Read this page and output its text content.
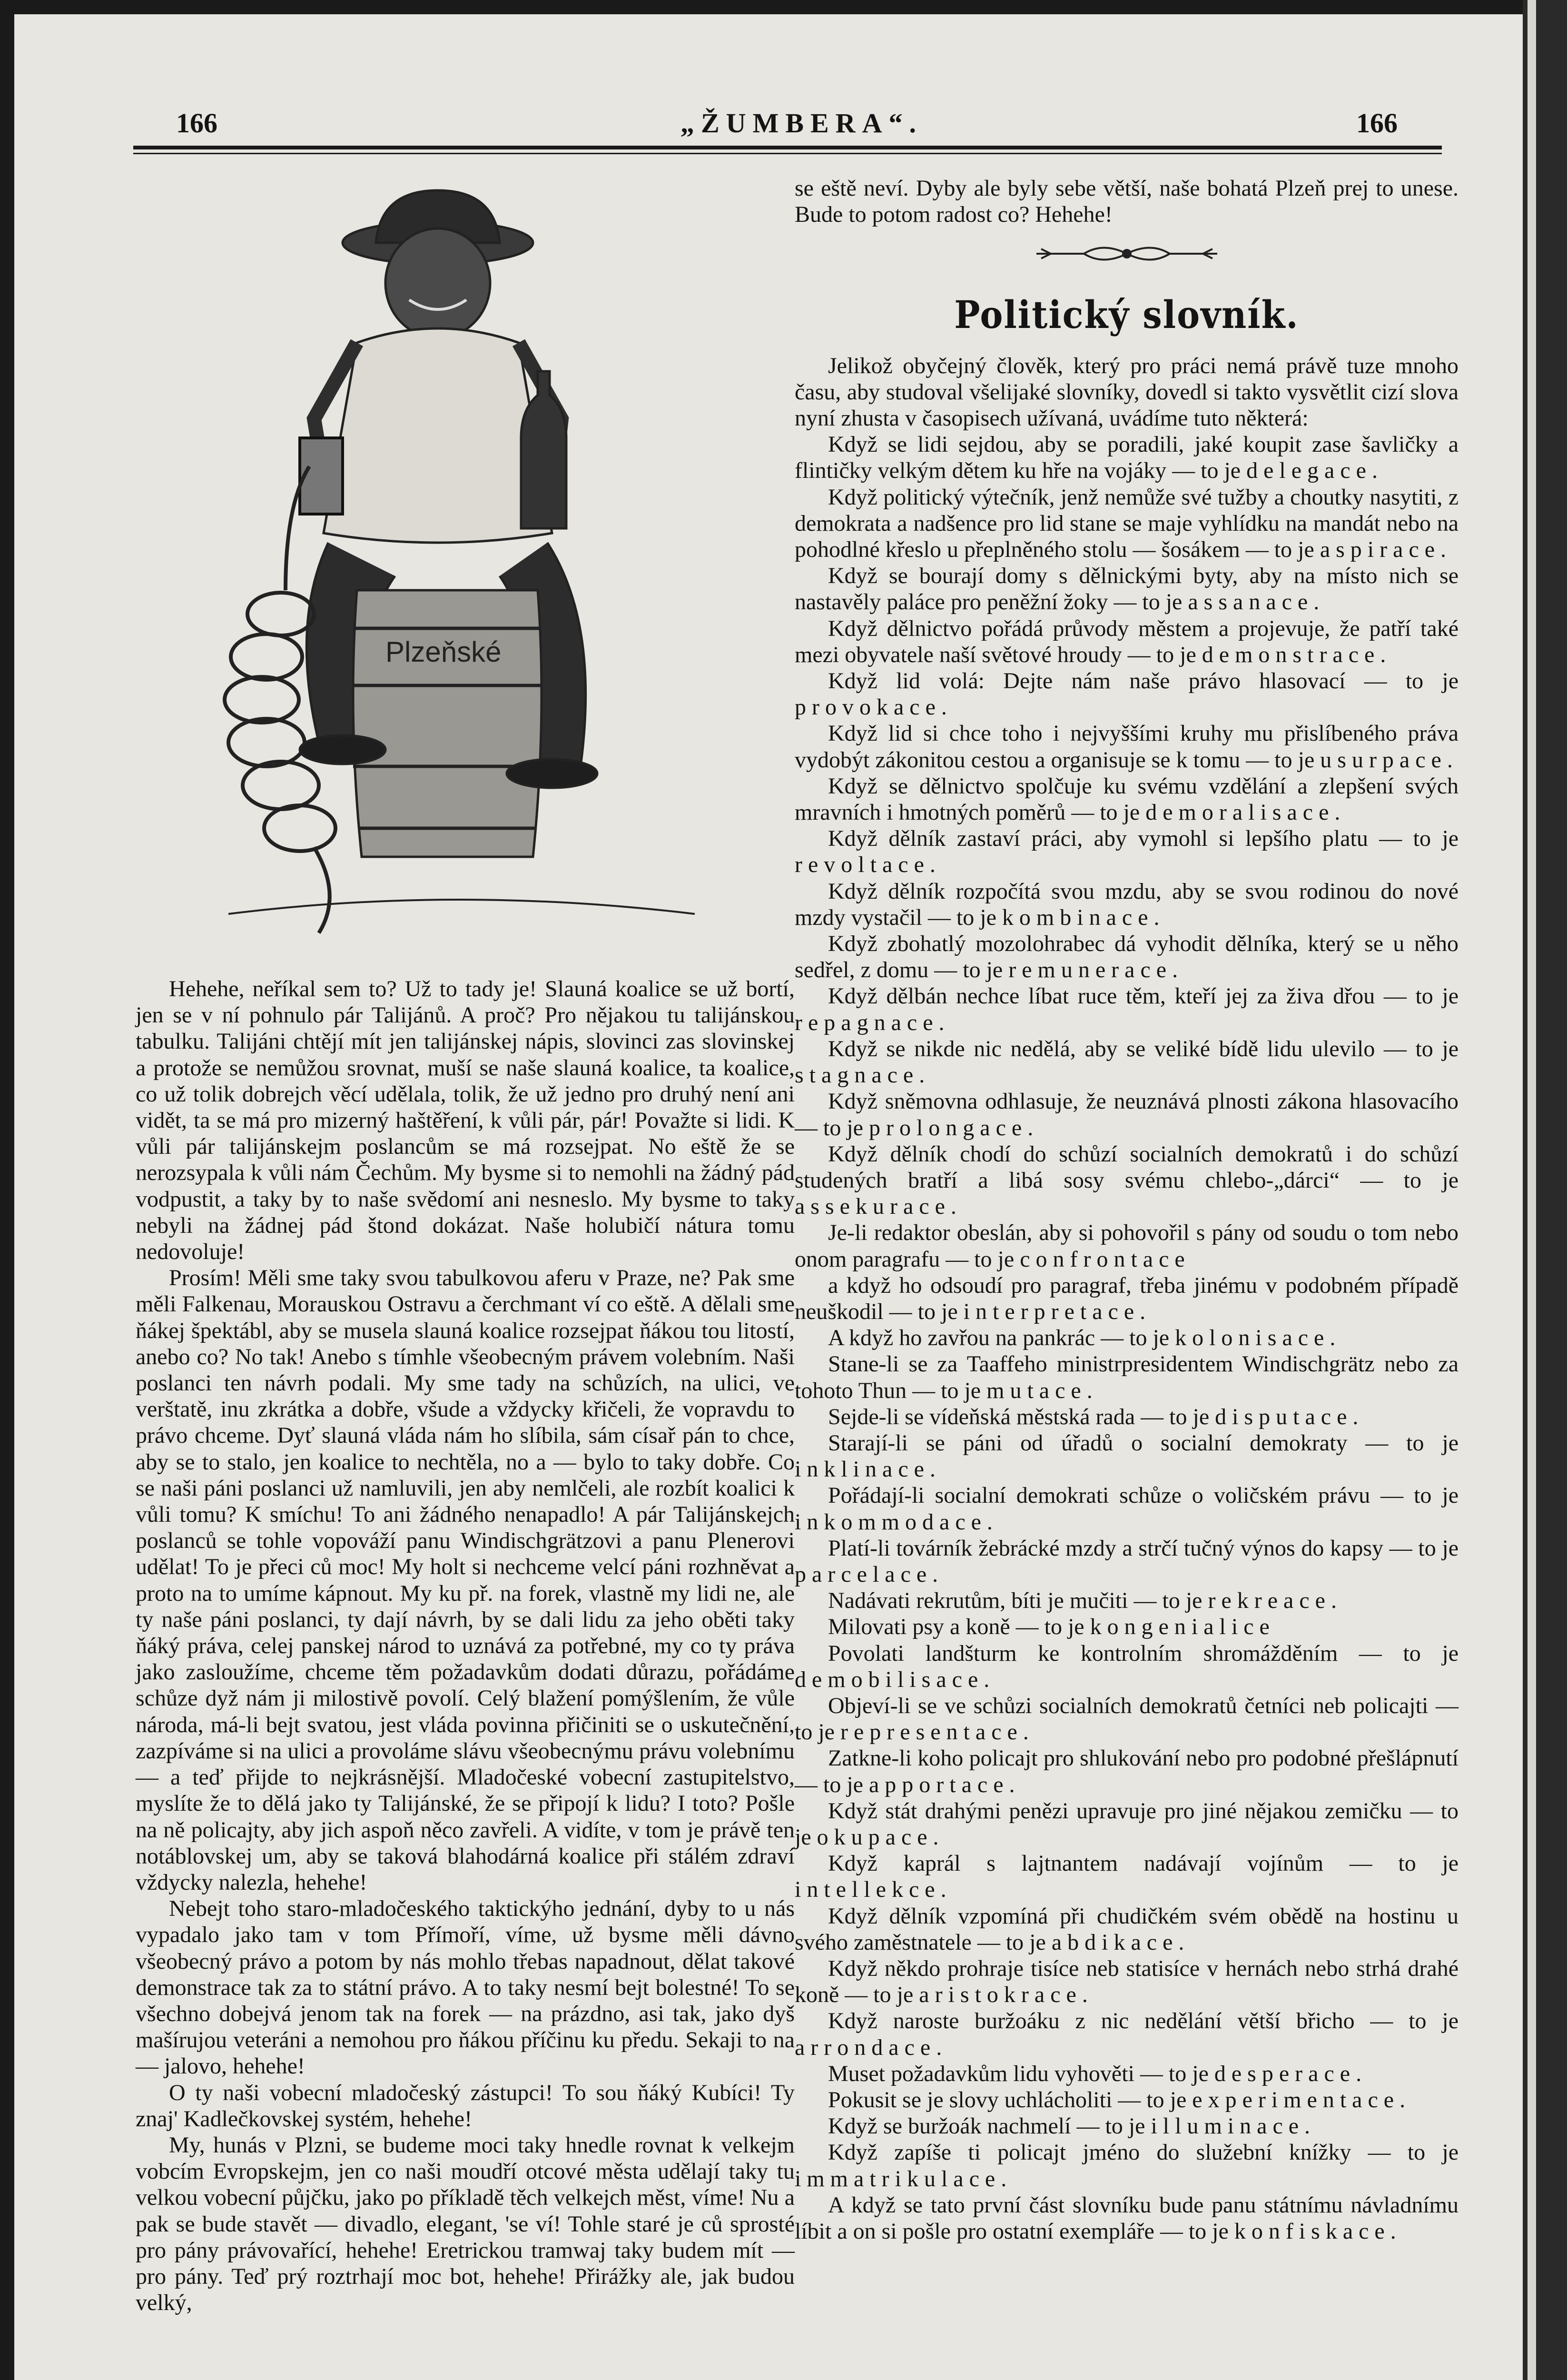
166	„ŽUMBERA“.	166
Plzeňské

Hehehe, neříkal sem to? Už to tady je! Slauná koalice se už bortí, jen se v ní pohnulo pár Taliјánů. A proč? Pro nějakou tu talijánskou tabulku. Talijáni chtějí mít jen talijánskej nápis, slovinci zas slovinskej a protože se nemůžou srovnat, muší se naše slauná koalice, ta koalice, co už tolik dobrejch věcí udělala, tolik, že už jedno pro druhý není ani vidět, ta se má pro mizerný haštěření, k vůli pár, pár! Považte si lidi. K vůli pár talijánskejm poslancům se má rozsejpat. No eště že se nerozsypala k vůli nám Čechům. My bysme si to nemohli na žádný pád vodpustit, a taky by to naše svědomí ani nesneslo. My bysme to taky nebyli na žádnej pád štond dokázat. Naše holubičí nátura tomu nedovoluje!

Prosím! Měli sme taky svou tabulkovou aferu v Praze, ne? Pak sme měli Falkenau, Morauskou Ostravu a čerchmant ví co eště. A dělali sme ňákej špektábl, aby se musela slauná koalice rozsejpat ňákou tou litostí, anebo co? No tak! Anebo s tímhle všeobecným právem volebním. Naši poslanci ten návrh podali. My sme tady na schůzích, na ulici, ve verštatě, inu zkrátka a dobře, všude a vždycky křičeli, že vopravdu to právo chceme. Dyť slauná vláda nám ho slíbila, sám císař pán to chce, aby se to stalo, jen koalice to nechtěla, no a — bylo to taky dobře. Co se naši páni poslanci už namluvili, jen aby nemlčeli, ale rozbít koalici k vůli tomu? K smíchu! To ani žádného nenapadlo! A pár Talijánskejch poslanců se tohle vopováží panu Windischgrätzovi a panu Plenerovi udělat! To je přeci ců moc! My holt si nechceme velcí páni rozhněvat a proto na to umíme kápnout. My ku př. na forek, vlastně my lidi ne, ale ty naše páni poslanci, ty dají návrh, by se dali lidu za jeho oběti taky ňáký práva, celej panskej národ to uznává za potřebné, my co ty práva jako zasloužíme, chceme těm požadavkům dodati důrazu, pořádáme schůze dyž nám ji milostivě povolí. Celý blažení pomýšlením, že vůle národa, má-li bejt svatou, jest vláda povinna přičiniti se o uskutečnění, zazpíváme si na ulici a provoláme slávu všeobecnýmu právu volebnímu — a teď přijde to nejkrásnější. Mladočeské vobecní zastupitelstvo, myslíte že to dělá jako ty Talijánské, že se připojí k lidu? I toto? Pošle na ně policajty, aby jich aspoň něco zavřeli. A vidíte, v tom je právě ten notáblovskej um, aby se taková blahodárná koalice při stálém zdraví vždycky nalezla, hehehe!

Nebejt toho staro-mladočeského taktickýho jednání, dyby to u nás vypadalo jako tam v tom Přímoří, víme, už bysme měli dávno všeobecný právo a potom by nás mohlo třebas napadnout, dělat takové demonstrace tak za to státní právo. A to taky nesmí bejt bolestné! To se všechno dobejvá jenom tak na forek — na prázdno, asi tak, jako dyš mašírujou veteráni a nemohou pro ňákou příčinu ku předu. Sekaji to na — jalovo, hehehe!

O ty naši vobecní mladočeský zástupci! To sou ňáký Kubíci! Ty znaj' Kadlečkovskej systém, hehehe!

My, hunás v Plzni, se budeme moci taky hnedle rovnat k velkejm vobcím Evropskejm, jen co naši moudří otcové města udělají taky tu velkou vobecní půjčku, jako po příkladě těch velkejch měst, víme! Nu a pak se bude stavět — divadlo, elegant, 'se ví! Tohle staré je ců sprosté pro pány právovařící, hehehe! Eretrickou tramwaj taky budem mít — pro pány. Teď prý roztrhají moc bot, hehehe! Přirážky ale, jak budou velký,

se eště neví. Dyby ale byly sebe větší, naše bohatá Plzeň prej to unese. Bude to potom radost co? Hehehe!

Politický slovník.

Jelikož obyčejný člověk, který pro práci nemá právě tuze mnoho času, aby studoval všelijaké slovníky, dovedl si takto vysvětlit cizí slova nyní zhusta v časopisech užívaná, uvádíme tuto některá:

Když se lidi sejdou, aby se poradili, jaké koupit zase šavličky a flintičky velkým dětem ku hře na vojáky — to je delegace.

Když politický výtečník, jenž nemůže své tužby a choutky nasytiti, z demokrata a nadšence pro lid stane se maje vyhlídku na mandát nebo na pohodlné křeslo u přeplněného stolu — šosákem — to je aspirace.

Když se bourají domy s dělnickými byty, aby na místo nich se nastavěly paláce pro peněžní žoky — to je assanace.

Když dělnictvo pořádá průvody městem a projevuje, že patří také mezi obyvatele naší světové hroudy — to je demonstrace.

Když lid volá: Dejte nám naše právo hlasovací — to je provokace.

Když lid si chce toho i nejvyššími kruhy mu přislíbeného práva vydobýt zákonitou cestou a organisuje se k tomu — to je usurpace.

Když se dělnictvo spolčuje ku svému vzdělání a zlepšení svých mravních i hmotných poměrů — to je demoralisace.

Když dělník zastaví práci, aby vymohl si lepšího platu — to je revoltace.

Když dělník rozpočítá svou mzdu, aby se svou rodinou do nové mzdy vystačil — to je kombinace.

Když zbohatlý mozolohrabec dá vyhodit dělníka, který se u něho sedřel, z domu — to je remunerace.

Když dělbán nechce líbat ruce těm, kteří jej za živa dřou — to je repagnace.

Když se nikde nic nedělá, aby se veliké bídě lidu ulevilo — to je stagnace.

Když sněmovna odhlasuje, že neuznává plnosti zákona hlasovacího — to je prolongace.

Když dělník chodí do schůzí socialních demokratů i do schůzí studených bratří a libá sosy svému chlebo-„dárci“ — to je assekurace.

Je-li redaktor obeslán, aby si pohovořil s pány od soudu o tom nebo onom paragrafu — to je confrontace

a když ho odsoudí pro paragraf, třeba jinému v podobném případě neuškodil — to je interpretace.

A když ho zavřou na pankrác — to je kolonisace.

Stane-li se za Taaffeho ministrpresidentem Windischgrätz nebo za tohoto Thun — to je mutace.

Sejde-li se vídeňská městská rada — to je disputace.

Starají-li se páni od úřadů o socialní demokraty — to je inklinace.

Pořádají-li socialní demokrati schůze o voličském právu — to je inkommodace.

Platí-li továrník žebrácké mzdy a strčí tučný výnos do kapsy — to je parcelace.

Nadávati rekrutům, bíti je mučiti — to je rekreace.

Milovati psy a koně — to je kongenialice

Povolati landšturm ke kontrolním shromážděním — to je demobilisace.

Objeví-li se ve schůzi socialních demokratů četníci neb policajti — to je representace.

Zatkne-li koho policajt pro shlukování nebo pro podobné přešlápnutí — to je apportace.

Když stát drahými penězi upravuje pro jiné nějakou zemičku — to je okupace.

Když kaprál s lajtnantem nadávají vojínům — to je intellekce.

Když dělník vzpomíná při chudičkém svém obědě na hostinu u svého zaměstnatele — to je abdikace.

Když někdo prohraje tisíce neb statisíce v hernách nebo strhá drahé koně — to je aristokrace.

Když naroste buržoáku z nic nedělání větší břicho — to je arrondace.

Muset požadavkům lidu vyhověti — to je desperace.

Pokusit se je slovy uchlácholiti — to je experimentace.

Když se buržoák nachmelí — to je illuminace.

Když zapíše ti policajt jméno do služební knížky — to je immatrikulace.

A když se tato první část slovníku bude panu státnímu návladnímu líbit a on si pošle pro ostatní exempláře — to je konfiskace.
